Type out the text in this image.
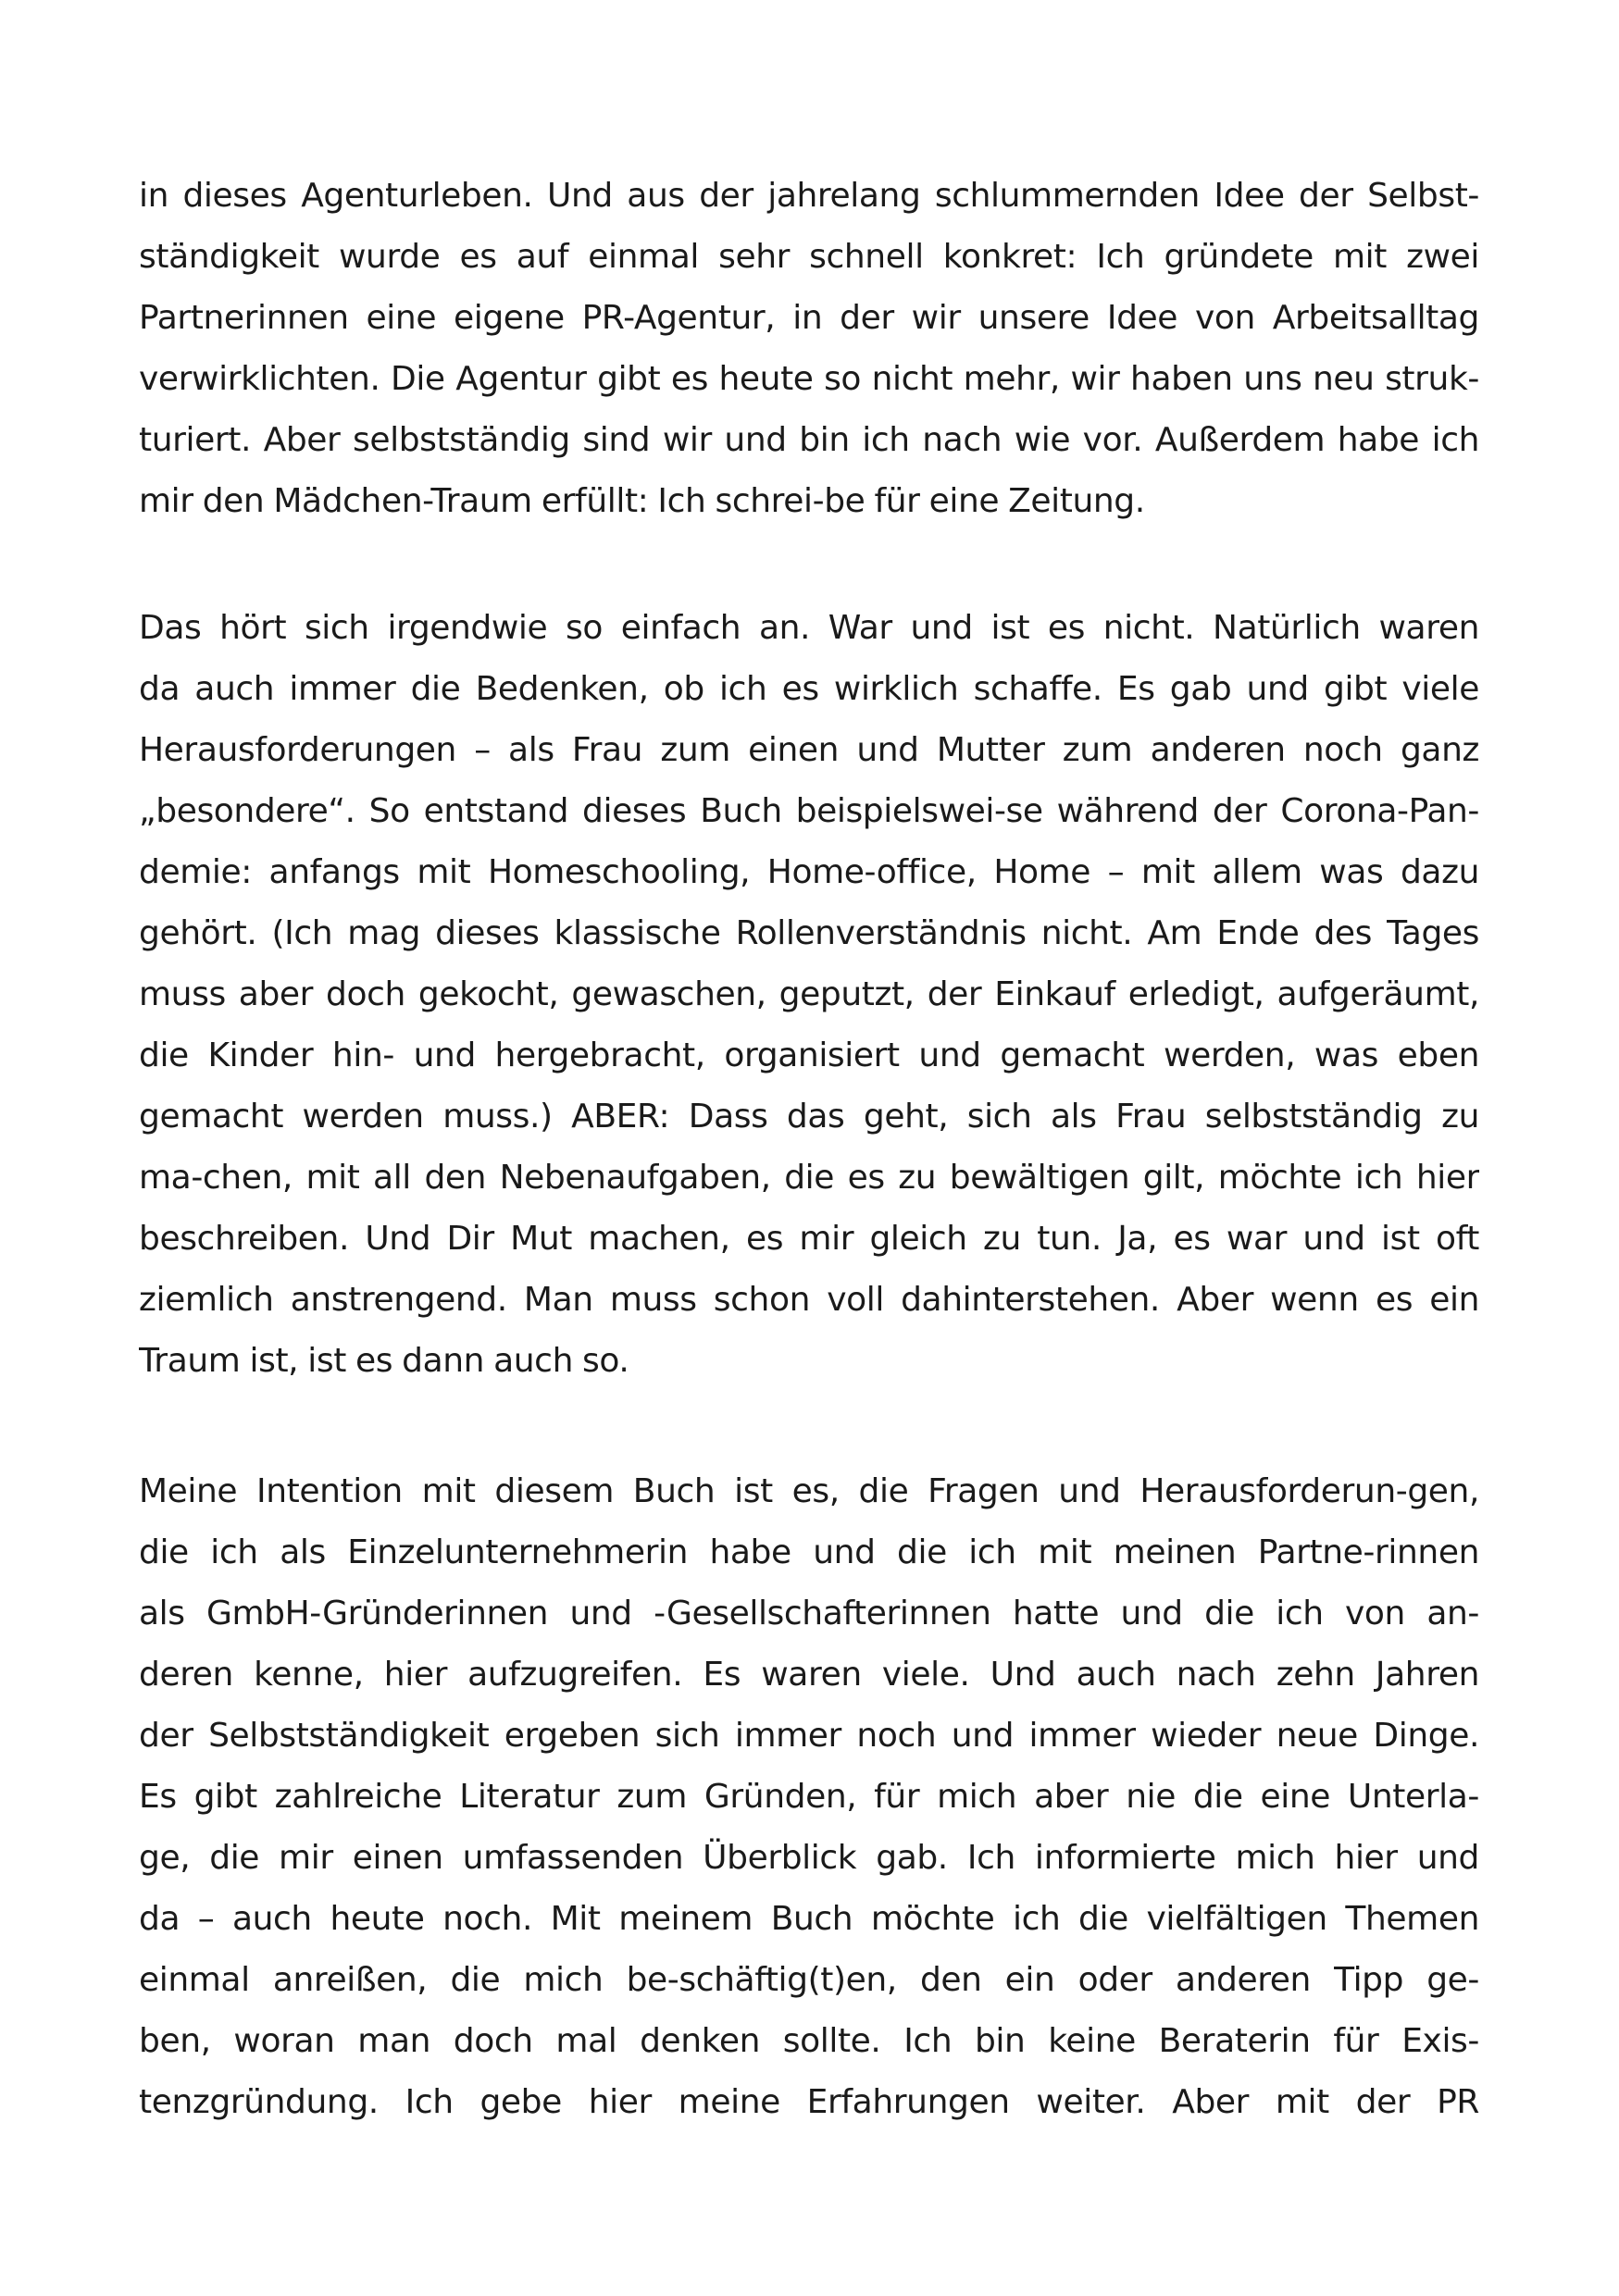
in dieses Agenturleben. Und aus der jahrelang schlummernden Idee der Selbst-
ständigkeit wurde es auf einmal sehr schnell konkret: Ich gründete mit zwei
Partnerinnen eine eigene PR-Agentur, in der wir unsere Idee von Arbeitsalltag
verwirklichten. Die Agentur gibt es heute so nicht mehr, wir haben uns neu struk-
turiert. Aber selbstständig sind wir und bin ich nach wie vor. Außerdem habe ich
mir den Mädchen-Traum erfüllt: Ich schrei-be für eine Zeitung.
Das hört sich irgendwie so einfach an. War und ist es nicht. Natürlich waren
da auch immer die Bedenken, ob ich es wirklich schaffe. Es gab und gibt viele
Herausforderungen – als Frau zum einen und Mutter zum anderen noch ganz
„besondere“. So entstand dieses Buch beispielswei-se während der Corona-Pan-
demie: anfangs mit Homeschooling, Home-office, Home – mit allem was dazu
gehört. (Ich mag dieses klassische Rollenverständnis nicht. Am Ende des Tages
muss aber doch gekocht, gewaschen, geputzt, der Einkauf erledigt, aufgeräumt,
die Kinder hin- und hergebracht, organisiert und gemacht werden, was eben
gemacht werden muss.) ABER: Dass das geht, sich als Frau selbstständig zu
ma-chen, mit all den Nebenaufgaben, die es zu bewältigen gilt, möchte ich hier
beschreiben. Und Dir Mut machen, es mir gleich zu tun. Ja, es war und ist oft
ziemlich anstrengend. Man muss schon voll dahinterstehen. Aber wenn es ein
Traum ist, ist es dann auch so.
Meine Intention mit diesem Buch ist es, die Fragen und Herausforderun-gen,
die ich als Einzelunternehmerin habe und die ich mit meinen Partne-rinnen
als GmbH-Gründerinnen und -Gesellschafterinnen hatte und die ich von an-
deren kenne, hier aufzugreifen. Es waren viele. Und auch nach zehn Jahren
der Selbstständigkeit ergeben sich immer noch und immer wieder neue Dinge.
Es gibt zahlreiche Literatur zum Gründen, für mich aber nie die eine Unterla-
ge, die mir einen umfassenden Überblick gab. Ich informierte mich hier und
da – auch heute noch. Mit meinem Buch möchte ich die vielfältigen Themen
einmal anreißen, die mich be-schäftig(t)en, den ein oder anderen Tipp ge-
ben, woran man doch mal denken sollte. Ich bin keine Beraterin für Exis-
tenzgründung. Ich gebe hier meine Erfahrungen weiter. Aber mit der PR
